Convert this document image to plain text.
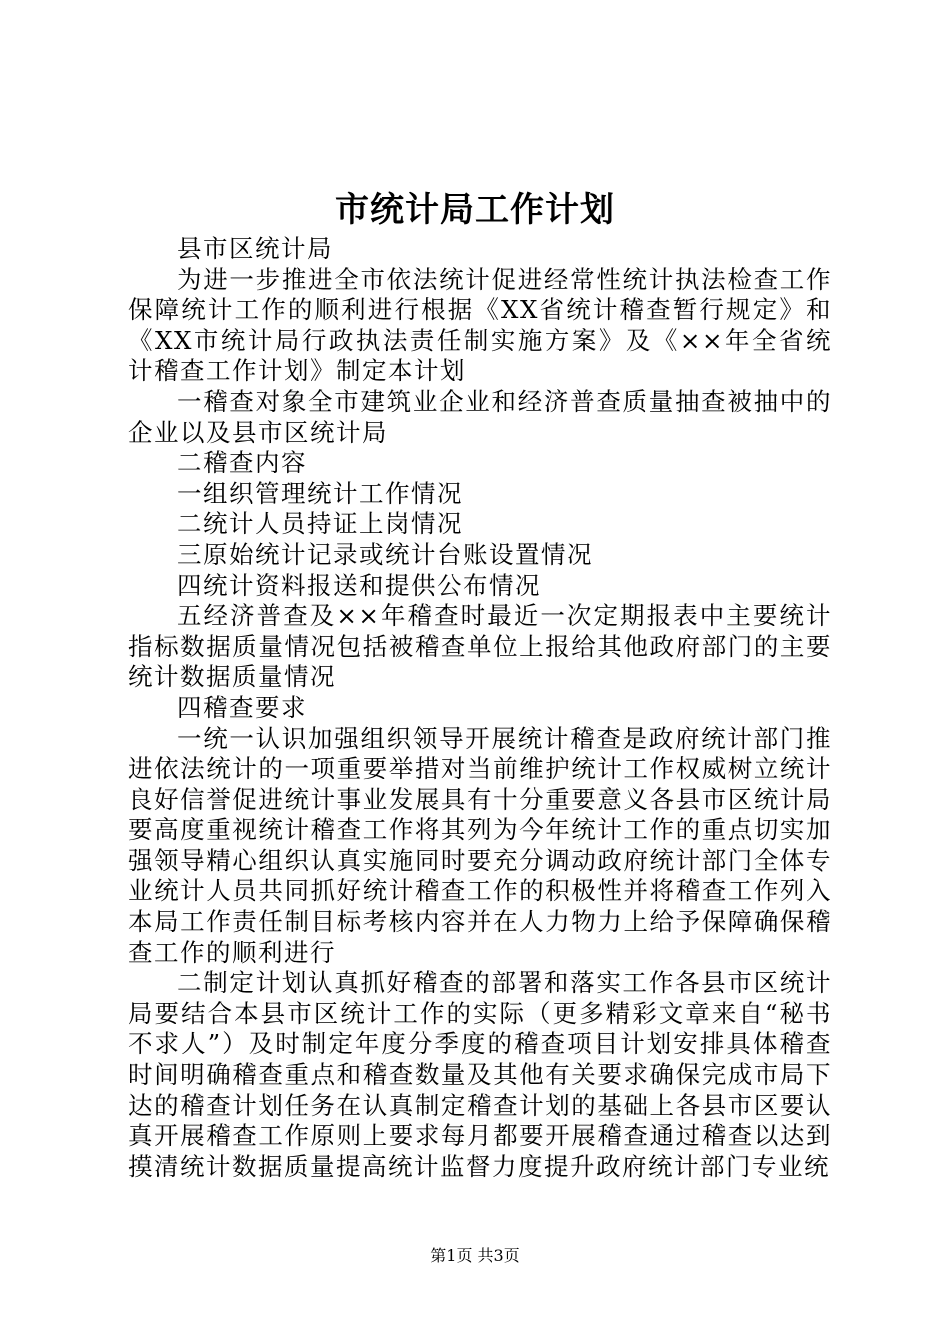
市统计局工作计划

县市区统计局

为进一步推进全市依法统计促进经常性统计执法检查工作保障统计工作的顺利进行根据《XX省统计稽查暂行规定》和《XX市统计局行政执法责任制实施方案》及《××年全省统计稽查工作计划》制定本计划

一稽查对象全市建筑业企业和经济普查质量抽查被抽中的企业以及县市区统计局

二稽查内容

一组织管理统计工作情况

二统计人员持证上岗情况

三原始统计记录或统计台账设置情况

四统计资料报送和提供公布情况

五经济普查及××年稽查时最近一次定期报表中主要统计指标数据质量情况包括被稽查单位上报给其他政府部门的主要统计数据质量情况

四稽查要求

一统一认识加强组织领导开展统计稽查是政府统计部门推进依法统计的一项重要举措对当前维护统计工作权威树立统计良好信誉促进统计事业发展具有十分重要意义各县市区统计局要高度重视统计稽查工作将其列为今年统计工作的重点切实加强领导精心组织认真实施同时要充分调动政府统计部门全体专业统计人员共同抓好统计稽查工作的积极性并将稽查工作列入本局工作责任制目标考核内容并在人力物力上给予保障确保稽查工作的顺利进行

二制定计划认真抓好稽查的部署和落实工作各县市区统计局要结合本县市区统计工作的实际（更多精彩文章来自“秘书不求人”）及时制定年度分季度的稽查项目计划安排具体稽查时间明确稽查重点和稽查数量及其他有关要求确保完成市局下达的稽查计划任务在认真制定稽查计划的基础上各县市区要认真开展稽查工作原则上要求每月都要开展稽查通过稽查以达到摸清统计数据质量提高统计监督力度提升政府统计部门专业统

第1页 共3页
